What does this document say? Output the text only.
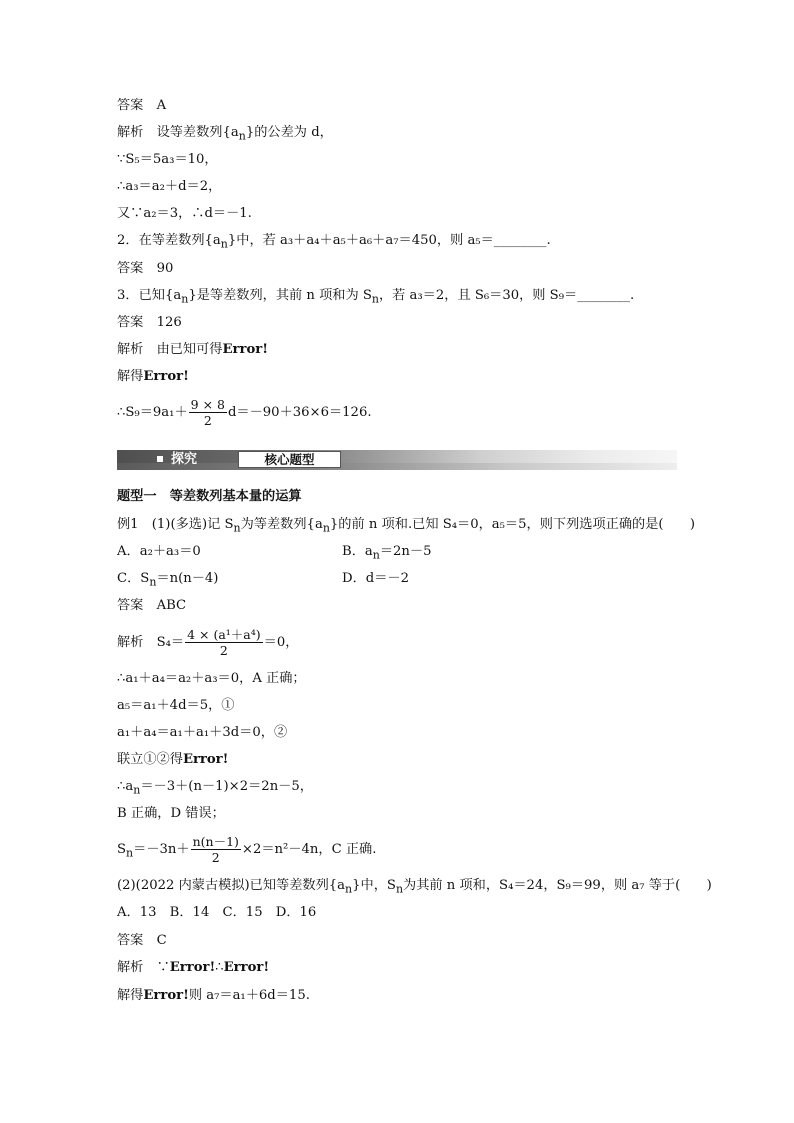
答案　 A
解析　 设等差数列$\{a_n\}$的公差为 d，
∵S₅＝5a₃＝10，
∴a₃＝a₂＋d＝2，
又∵a₂＝3，∴d＝－1.
2．在等差数列$\{a_n\}$中，若 a₃＋a₄＋a₅＋a₆＋a₇＝450，则 a₅＝________.
答案　 90
3．已知$\{a_n\}$是等差数列，其前 n 项和为 $S_n$，若 a₃＝2，且 S₆＝30，则 S₉＝________.
答案　 126
解析　 由已知可得Error!
解得Error!
∴S₉＝9a₁＋ $\frac{9 \times 8}{2} d=-90+36\times 6=126$.
探究	核心题型
题型一　等差数列基本量的运算
例1　(1)(多选)记 $S_n$为等差数列$\{a_n\}$的前 n 项和.已知 S₄＝0，a₅＝5，则下列选项正确的是(　　)
A．a₂＋a₃＝0	B．$a_n=2n-5$
C．$S_n=n(n-4)$	D．d＝－2
答案　 ABC
解析　 $S_4= \frac{\text{4 × (a¹＋a⁴)}}{2} =0$，
∴a₁＋a₄＝a₂＋a₃＝0，A 正确；
a₅＝a₁＋4d＝5，①
a₁＋a₄＝a₁＋a₁＋3d＝0，②
联立①②得Error!
$\therefore a_n=-3+(n-1)\times 2=2n-5$，
B 正确，D 错误；
$S_n=-3n+ \frac{n(n-1)}{2} \times 2=n^2-4n$，C 正确.
(2)(2022 内蒙古模拟)已知等差数列$\{a_n\}$中，$S_n$为其前 n 项和，S₄＝24，S₉＝99，则 a₇ 等于(　　)
A．13　B．14　C．15　D．16
答案　 C
解析　 ∵Error!∴Error!
解得Error!则 a₇＝a₁＋6d＝15.
